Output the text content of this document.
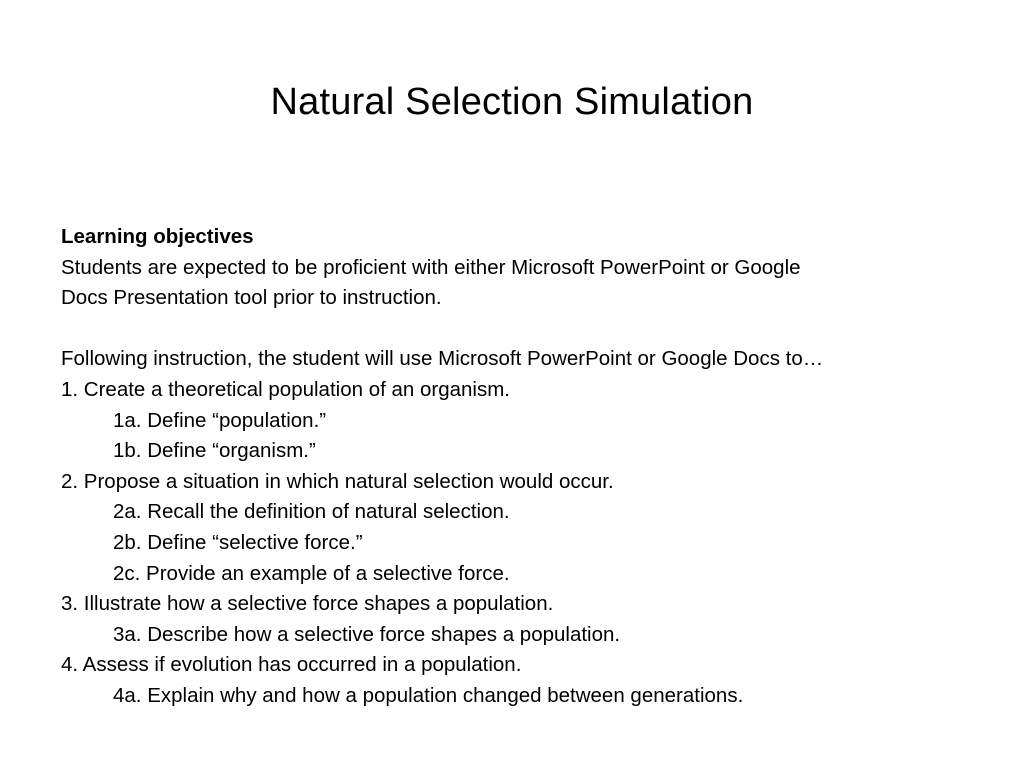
Natural Selection Simulation

Learning objectives

Students are expected to be proficient with either Microsoft PowerPoint or Google

Docs Presentation tool prior to instruction.

Following instruction, the student will use Microsoft PowerPoint or Google Docs to…

1. Create a theoretical population of an organism.

1a. Define “population.”

1b. Define “organism.”

2. Propose a situation in which natural selection would occur.

2a. Recall the definition of natural selection.

2b. Define “selective force.”

2c. Provide an example of a selective force.

3. Illustrate how a selective force shapes a population.

3a. Describe how a selective force shapes a population.

4. Assess if evolution has occurred in a population.

4a. Explain why and how a population changed between generations.
